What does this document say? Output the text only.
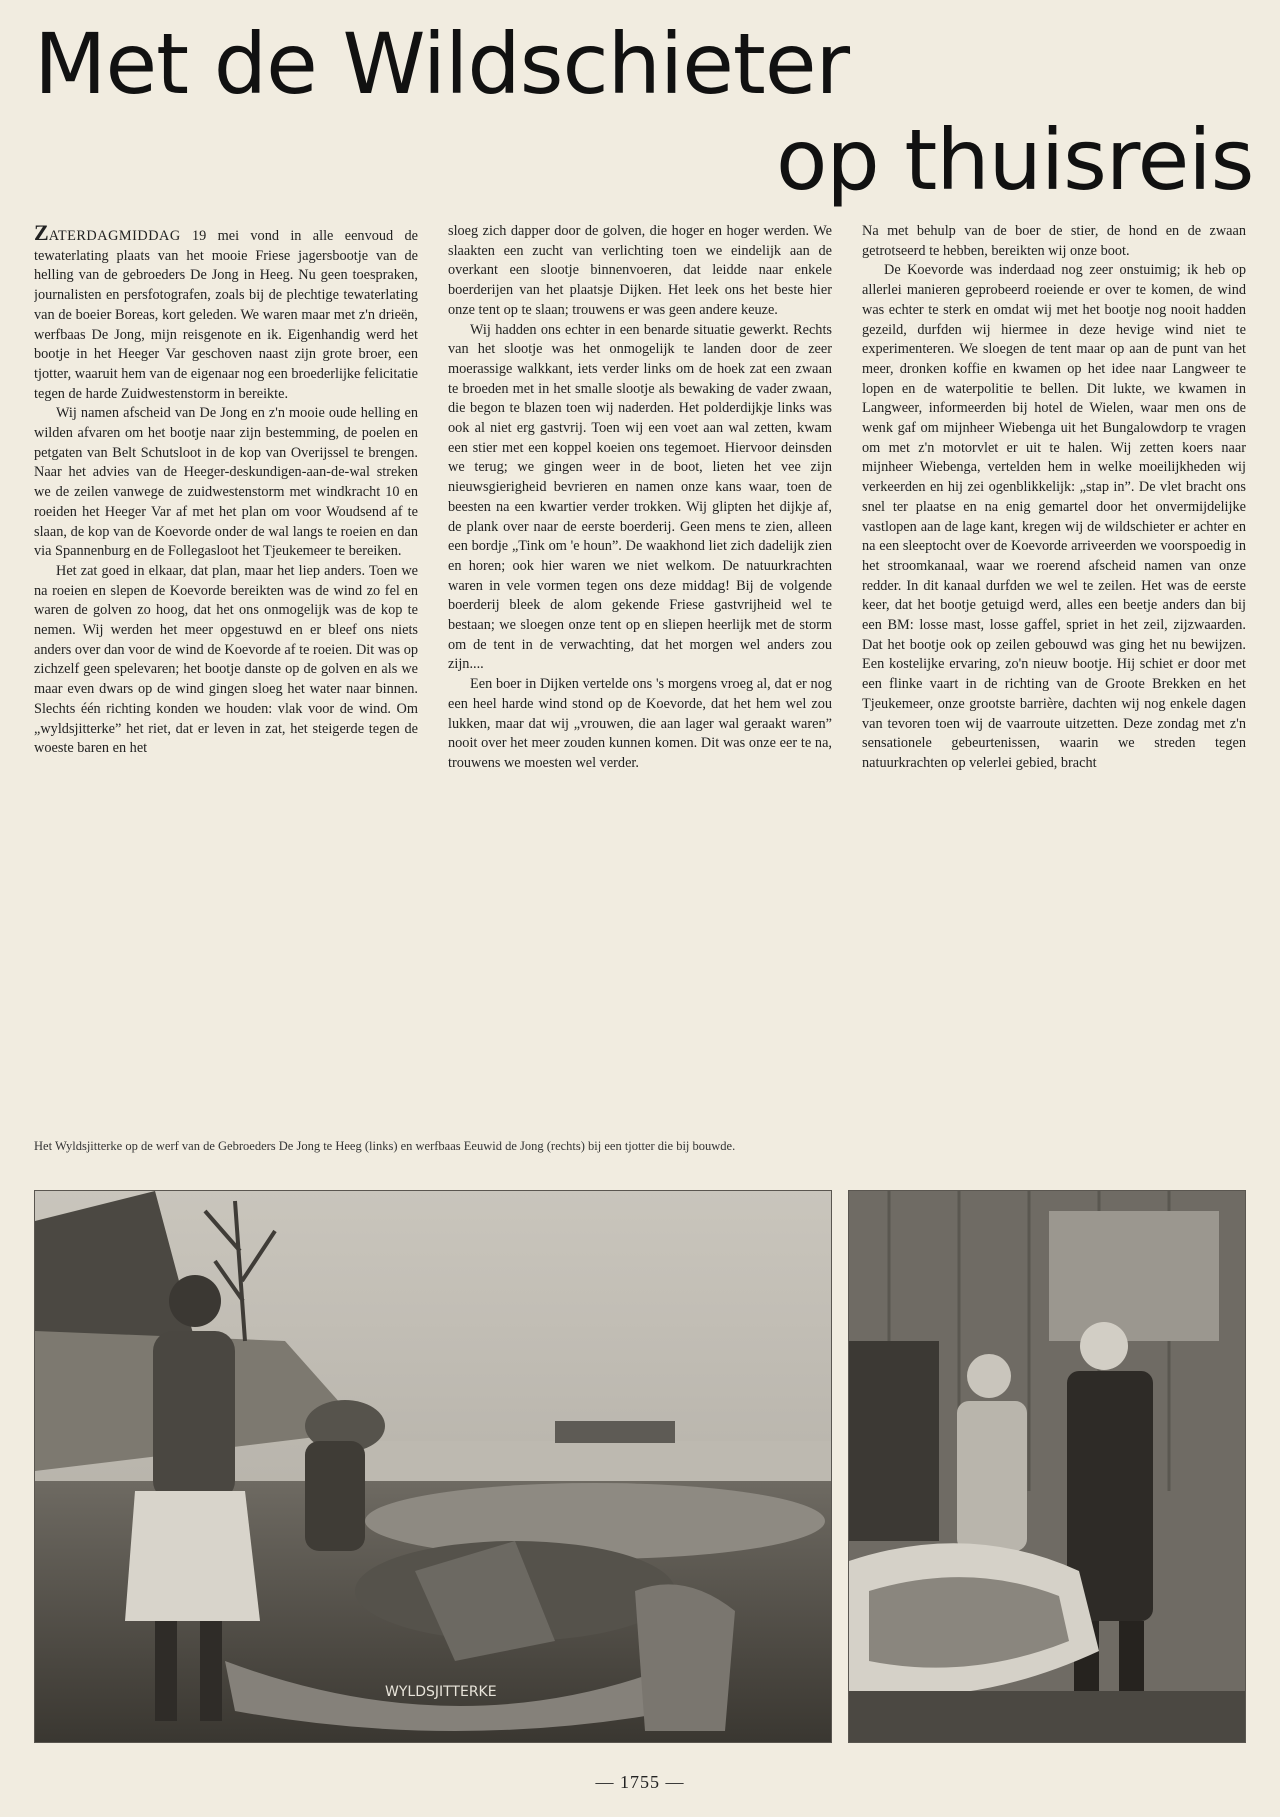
Met de Wildschieter
op thuisreis

ZATERDAGMIDDAG 19 mei vond in alle eenvoud de tewaterlating plaats van het mooie Friese jagersbootje van de helling van de gebroeders De Jong in Heeg. Nu geen toespraken, journalisten en persfotografen, zoals bij de plechtige tewaterlating van de boeier Boreas, kort geleden. We waren maar met z'n drieën, werfbaas De Jong, mijn reisgenote en ik. Eigenhandig werd het bootje in het Heeger Var geschoven naast zijn grote broer, een tjotter, waaruit hem van de eigenaar nog een broederlijke felicitatie tegen de harde Zuidwestenstorm in bereikte.

Wij namen afscheid van De Jong en z'n mooie oude helling en wilden afvaren om het bootje naar zijn bestemming, de poelen en petgaten van Belt Schutsloot in de kop van Overijssel te brengen. Naar het advies van de Heeger-deskundigen-aan-de-wal streken we de zeilen vanwege de zuidwestenstorm met windkracht 10 en roeiden het Heeger Var af met het plan om voor Woudsend af te slaan, de kop van de Koevorde onder de wal langs te roeien en dan via Spannenburg en de Follegasloot het Tjeukemeer te bereiken.

Het zat goed in elkaar, dat plan, maar het liep anders. Toen we na roeien en slepen de Koevorde bereikten was de wind zo fel en waren de golven zo hoog, dat het ons onmogelijk was de kop te nemen. Wij werden het meer opgestuwd en er bleef ons niets anders over dan voor de wind de Koevorde af te roeien. Dit was op zichzelf geen spelevaren; het bootje danste op de golven en als we maar even dwars op de wind gingen sloeg het water naar binnen. Slechts één richting konden we houden: vlak voor de wind. Om „wyldsjitterke” het riet, dat er leven in zat, het steigerde tegen de woeste baren en het

sloeg zich dapper door de golven, die hoger en hoger werden. We slaakten een zucht van verlichting toen we eindelijk aan de overkant een slootje binnenvoeren, dat leidde naar enkele boerderijen van het plaatsje Dijken. Het leek ons het beste hier onze tent op te slaan; trouwens er was geen andere keuze.

Wij hadden ons echter in een benarde situatie gewerkt. Rechts van het slootje was het onmogelijk te landen door de zeer moerassige walkkant, iets verder links om de hoek zat een zwaan te broeden met in het smalle slootje als bewaking de vader zwaan, die begon te blazen toen wij naderden. Het polderdijkje links was ook al niet erg gastvrij. Toen wij een voet aan wal zetten, kwam een stier met een koppel koeien ons tegemoet. Hiervoor deinsden we terug; we gingen weer in de boot, lieten het vee zijn nieuwsgierigheid bevrieren en namen onze kans waar, toen de beesten na een kwartier verder trokken. Wij glipten het dijkje af, de plank over naar de eerste boerderij. Geen mens te zien, alleen een bordje „Tink om 'e houn”. De waakhond liet zich dadelijk zien en horen; ook hier waren we niet welkom. De natuurkrachten waren in vele vormen tegen ons deze middag! Bij de volgende boerderij bleek de alom gekende Friese gastvrijheid wel te bestaan; we sloegen onze tent op en sliepen heerlijk met de storm om de tent in de verwachting, dat het morgen wel anders zou zijn....

Een boer in Dijken vertelde ons 's morgens vroeg al, dat er nog een heel harde wind stond op de Koevorde, dat het hem wel zou lukken, maar dat wij „vrouwen, die aan lager wal geraakt waren” nooit over het meer zouden kunnen komen. Dit was onze eer te na, trouwens we moesten wel verder.

Na met behulp van de boer de stier, de hond en de zwaan getrotseerd te hebben, bereikten wij onze boot.

De Koevorde was inderdaad nog zeer onstuimig; ik heb op allerlei manieren geprobeerd roeiende er over te komen, de wind was echter te sterk en omdat wij met het bootje nog nooit hadden gezeild, durfden wij hiermee in deze hevige wind niet te experimenteren. We sloegen de tent maar op aan de punt van het meer, dronken koffie en kwamen op het idee naar Langweer te lopen en de waterpolitie te bellen. Dit lukte, we kwamen in Langweer, informeerden bij hotel de Wielen, waar men ons de wenk gaf om mijnheer Wiebenga uit het Bungalowdorp te vragen om met z'n motorvlet er uit te halen. Wij zetten koers naar mijnheer Wiebenga, vertelden hem in welke moeilijkheden wij verkeerden en hij zei ogenblikkelijk: „stap in”. De vlet bracht ons snel ter plaatse en na enig gemartel door het onvermijdelijke vastlopen aan de lage kant, kregen wij de wildschieter er achter en na een sleeptocht over de Koevorde arriveerden we voorspoedig in het stroomkanaal, waar we roerend afscheid namen van onze redder. In dit kanaal durfden we wel te zeilen. Het was de eerste keer, dat het bootje getuigd werd, alles een beetje anders dan bij een BM: losse mast, losse gaffel, spriet in het zeil, zijzwaarden. Dat het bootje ook op zeilen gebouwd was ging het nu bewijzen. Een kostelijke ervaring, zo'n nieuw bootje. Hij schiet er door met een flinke vaart in de richting van de Groote Brekken en het Tjeukemeer, onze grootste barrière, dachten wij nog enkele dagen van tevoren toen wij de vaarroute uitzetten. Deze zondag met z'n sensationele gebeurtenissen, waarin we streden tegen natuurkrachten op velerlei gebied, bracht

Het Wyldsjitterke op de werf van de Gebroeders De Jong te Heeg (links) en werfbaas Eeuwid de Jong (rechts) bij een tjotter die bij bouwde.
WYLDSJITTERKE
— 1755 —
